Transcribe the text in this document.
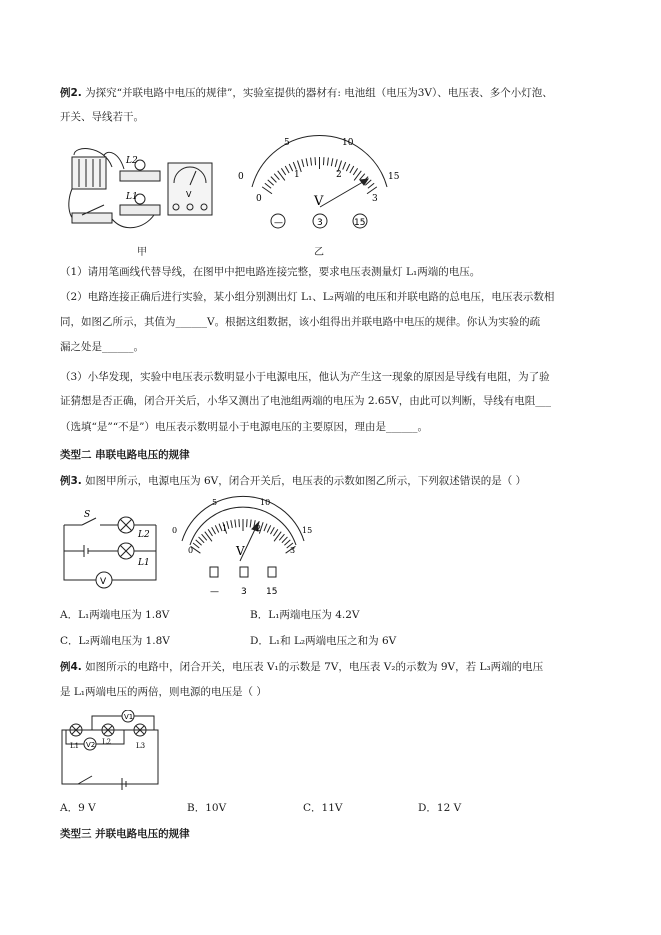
例2. 为探究“并联电路中电压的规律”，实验室提供的器材有: 电池组（电压为3V）、电压表、多个小灯泡、
开关、导线若干。
L2
L1	V
甲
0
5	10
15
0
1	2
3
V
—	3	15
乙
（1）请用笔画线代替导线，在图甲中把电路连接完整，要求电压表测量灯 L₁两端的电压。
（2）电路连接正确后进行实验，某小组分别测出灯 L₁、L₂两端的电压和并联电路的总电压，电压表示数相
同，如图乙所示，其值为______V。根据这组数据，该小组得出并联电路中电压的规律。你认为实验的疏
漏之处是______。
（3）小华发现，实验中电压表示数明显小于电源电压，他认为产生这一现象的原因是导线有电阻，为了验
证猜想是否正确，闭合开关后，小华又测出了电池组两端的电压为 2.65V，由此可以判断，导线有电阻___
（选填“是”“不是”）电压表示数明显小于电源电压的主要原因，理由是______。
类型二 串联电路电压的规律
例3. 如图甲所示，电源电压为 6V，闭合开关后，电压表的示数如图乙所示，下列叙述错误的是（ ）
S
L2
L1
V
0
5	10
15
0
1	2
3
V
— 3 15
A．L₁两端电压为 1.8V	B．L₁两端电压为 4.2V
C．L₂两端电压为 1.8V	D．L₁和 L₂两端电压之和为 6V
例4. 如图所示的电路中，闭合开关，电压表 V₁的示数是 7V，电压表 V₂的示数为 9V，若 L₃两端的电压
是 L₁两端电压的两倍，则电源的电压是（ ）
V1
V2
L1	L2	L3
A．9 V	B．10V	C．11V	D．12 V
类型三 并联电路电压的规律
